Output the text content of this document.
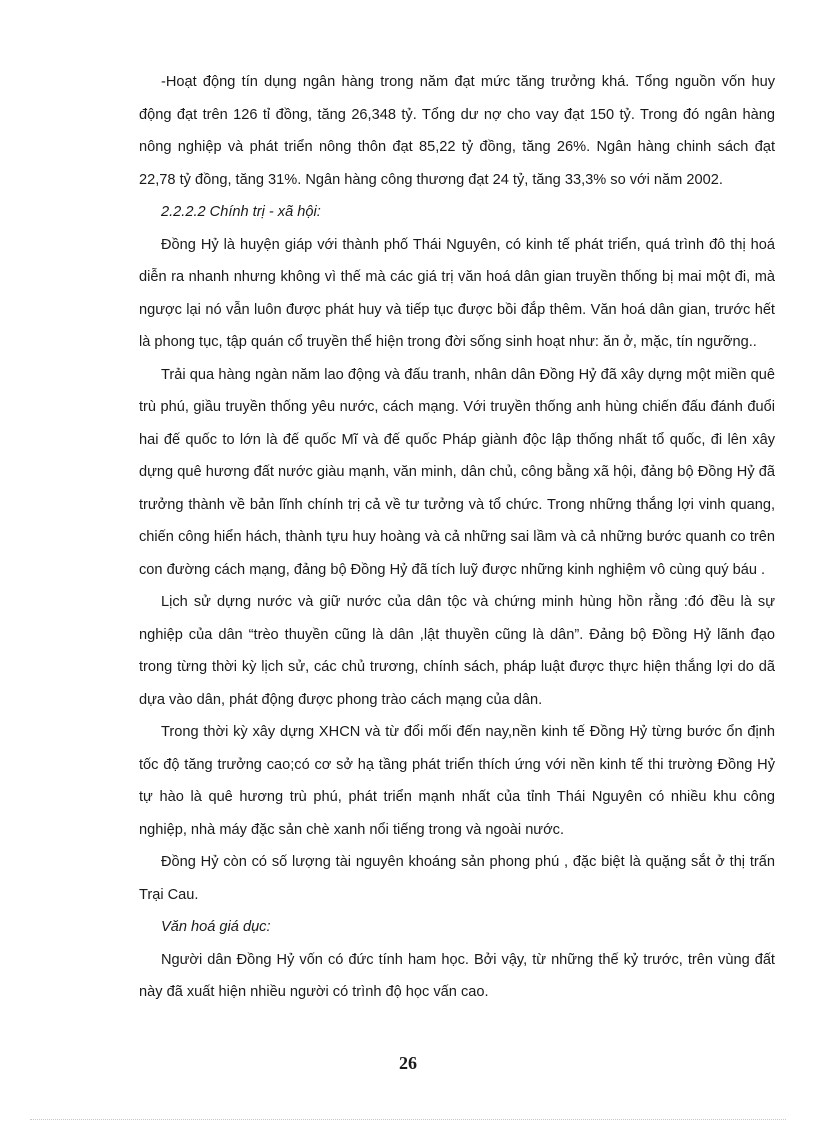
-Hoạt động tín dụng ngân hàng trong năm đạt mức tăng trưởng khá. Tổng nguồn vốn huy động đạt trên 126 tỉ đồng, tăng 26,348 tỷ. Tổng dư nợ cho vay đạt 150 tỷ. Trong đó ngân hàng nông nghiệp và phát triển nông thôn đạt 85,22 tỷ đồng, tăng 26%. Ngân hàng chinh sách đạt 22,78 tỷ đồng, tăng 31%. Ngân hàng công thương đạt 24 tỷ, tăng 33,3% so với năm 2002.

2.2.2.2 Chính trị - xã hội:

Đồng Hỷ là huyện giáp với thành phố Thái Nguyên, có kinh tế phát triển, quá trình đô thị hoá diễn ra nhanh nhưng không vì thế mà các giá trị văn hoá dân gian truyền thống bị mai một đi, mà ngược lại nó vẫn luôn được phát huy và tiếp tục được bồi đắp thêm. Văn hoá dân gian, trước hết là phong tục, tập quán cổ truyền thể hiện trong đời sống sinh hoạt như: ăn ở, mặc, tín ngưỡng..

Trải qua hàng ngàn năm lao động và đấu tranh, nhân dân Đồng Hỷ đã xây dựng một miền quê trù phú, giầu truyền thống yêu nước, cách mạng. Với truyền thống anh hùng chiến đấu đánh đuổi hai đế quốc to lớn là đế quốc Mĩ và đế quốc Pháp giành độc lập thống nhất tổ quốc, đi lên xây dựng quê hương đất nước giàu mạnh, văn minh, dân chủ, công bằng xã hội, đảng bộ Đồng Hỷ đã trưởng thành về bản lĩnh chính trị cả về tư tưởng và tổ chức. Trong những thắng lợi vinh quang, chiến công hiển hách, thành tựu huy hoàng và cả những sai lầm và cả những bước quanh co trên con đường cách mạng, đảng bộ Đồng Hỷ đã tích luỹ được những kinh nghiệm vô cùng quý báu .

Lịch sử dựng nước và giữ nước của dân tộc và chứng minh hùng hồn rằng :đó đều là sự nghiệp của dân “trèo thuyền cũng là dân ,lật thuyền cũng là dân”. Đảng bộ Đồng Hỷ lãnh đạo trong từng thời kỳ lịch sử, các chủ trương, chính sách, pháp luật được thực hiện thắng lợi do dã dựa vào dân, phát động được phong trào cách mạng của dân.

Trong thời kỳ xây dựng XHCN và từ đổi mối đến nay,nền kinh tế Đồng Hỷ từng bước ổn định tốc độ tăng trưởng cao;có cơ sở hạ tầng phát triển thích ứng với nền kinh tế thi trường Đồng Hỷ tự hào là quê hương trù phú, phát triển mạnh nhất của tỉnh Thái Nguyên có nhiều khu công nghiệp, nhà máy đặc sản chè xanh nổi tiếng trong và ngoài nước.

Đồng Hỷ còn có số lượng tài nguyên khoáng sản phong phú , đặc biệt là quặng sắt ở thị trấn Trại Cau.

Văn hoá giá dục:

Người dân Đồng Hỷ vốn có đức tính ham học. Bởi vậy, từ những thế kỷ trước, trên vùng đất này đã xuất hiện nhiều người có trình độ học vấn cao.

26
